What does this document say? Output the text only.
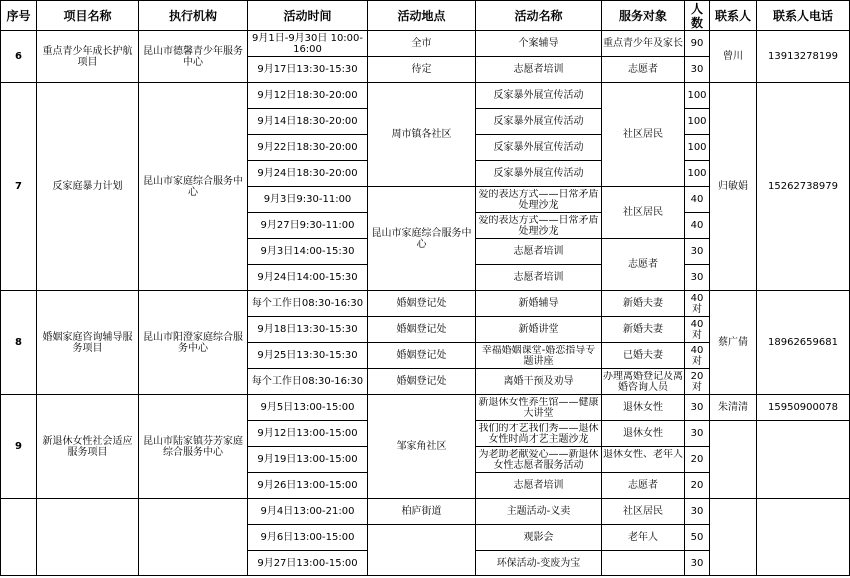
序号	项目名称	执行机构	活动时间	活动地点	活动名称	服务对象	人数	联系人	联系人电话
6	重点青少年成长护航项目	昆山市德馨青少年服务中心	9月1日-9月30日 10:00-16:00	全市	个案辅导	重点青少年及家长	90	曾川	13913278199
			9月17日13:30-15:30	待定	志愿者培训	志愿者	30		
7	反家庭暴力计划	昆山市家庭综合服务中心	9月12日18:30-20:00	周市镇各社区	反家暴外展宣传活动	社区居民	100	归敏娟	15262738979
			9月14日18:30-20:00		反家暴外展宣传活动		100		
			9月22日18:30-20:00		反家暴外展宣传活动		100		
			9月24日18:30-20:00		反家暴外展宣传活动		100		
			9月3日9:30-11:00	昆山市家庭综合服务中心	爱的表达方式——日常矛盾处理沙龙	社区居民	40		
			9月27日9:30-11:00		爱的表达方式——日常矛盾处理沙龙		40		
			9月3日14:00-15:30		志愿者培训	志愿者	30		
			9月24日14:00-15:30		志愿者培训		30		
8	婚姻家庭咨询辅导服务项目	昆山市阳澄家庭综合服务中心	每个工作日08:30-16:30	婚姻登记处	新婚辅导	新婚夫妻	40对	蔡广倩	18962659681
			9月18日13:30-15:30	婚姻登记处	新婚讲堂	新婚夫妻	40对		
			9月25日13:30-15:30	婚姻登记处	幸福婚姻课堂-婚恋指导专题讲座	已婚夫妻	40对		
			每个工作日08:30-16:30	婚姻登记处	离婚干预及劝导	办理离婚登记及离婚咨询人员	20对		
9	新退休女性社会适应服务项目	昆山市陆家镇芬芳家庭综合服务中心	9月5日13:00-15:00	邹家角社区	新退休女性养生馆——健康大讲堂	退休女性	30	朱清清	15950900078
			9月12日13:00-15:00		我们的才艺我们秀——退休女性时尚才艺主题沙龙	退休女性	30		
			9月19日13:00-15:00		为老助老献爱心——新退休女性志愿者服务活动	退休女性、老年人	20		
			9月26日13:00-15:00		志愿者培训	志愿者	20		
			9月4日13:00-21:00	柏庐街道	主题活动-义卖	社区居民	30		
			9月6日13:00-15:00		观影会	老年人	50		
			9月27日13:00-15:00		环保活动-变废为宝		30		
